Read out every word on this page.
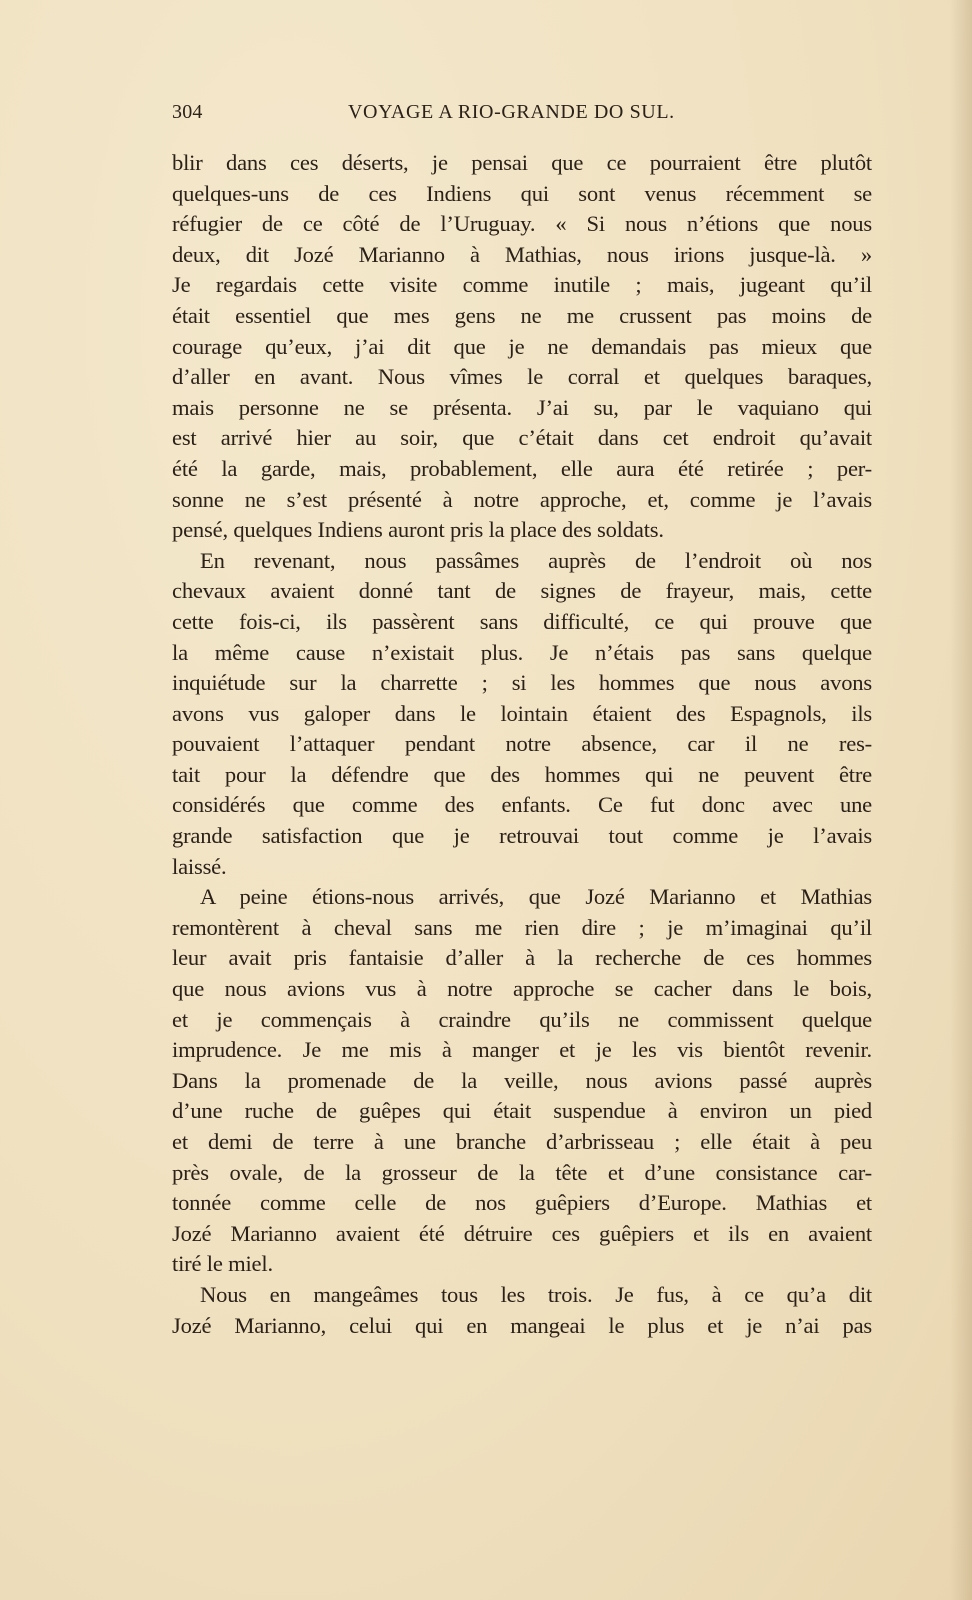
304	VOYAGE A RIO-GRANDE DO SUL.
blir dans ces déserts, je pensai que ce pourraient être plutôt
quelques-uns de ces Indiens qui sont venus récemment se
réfugier de ce côté de l’Uruguay. « Si nous n’étions que nous
deux, dit Jozé Marianno à Mathias, nous irions jusque-là. »
Je regardais cette visite comme inutile ; mais, jugeant qu’il
était essentiel que mes gens ne me crussent pas moins de
courage qu’eux, j’ai dit que je ne demandais pas mieux que
d’aller en avant. Nous vîmes le corral et quelques baraques,
mais personne ne se présenta. J’ai su, par le vaquiano qui
est arrivé hier au soir, que c’était dans cet endroit qu’avait
été la garde, mais, probablement, elle aura été retirée ; per-
sonne ne s’est présenté à notre approche, et, comme je l’avais
pensé, quelques Indiens auront pris la place des soldats.
En revenant, nous passâmes auprès de l’endroit où nos
chevaux avaient donné tant de signes de frayeur, mais, cette
cette fois-ci, ils passèrent sans difficulté, ce qui prouve que
la même cause n’existait plus. Je n’étais pas sans quelque
inquiétude sur la charrette ; si les hommes que nous avons
avons vus galoper dans le lointain étaient des Espagnols, ils
pouvaient l’attaquer pendant notre absence, car il ne res-
tait pour la défendre que des hommes qui ne peuvent être
considérés que comme des enfants. Ce fut donc avec une
grande satisfaction que je retrouvai tout comme je l’avais
laissé.
A peine étions-nous arrivés, que Jozé Marianno et Mathias
remontèrent à cheval sans me rien dire ; je m’imaginai qu’il
leur avait pris fantaisie d’aller à la recherche de ces hommes
que nous avions vus à notre approche se cacher dans le bois,
et je commençais à craindre qu’ils ne commissent quelque
imprudence. Je me mis à manger et je les vis bientôt revenir.
Dans la promenade de la veille, nous avions passé auprès
d’une ruche de guêpes qui était suspendue à environ un pied
et demi de terre à une branche d’arbrisseau ; elle était à peu
près ovale, de la grosseur de la tête et d’une consistance car-
tonnée comme celle de nos guêpiers d’Europe. Mathias et
Jozé Marianno avaient été détruire ces guêpiers et ils en avaient
tiré le miel.
Nous en mangeâmes tous les trois. Je fus, à ce qu’a dit
Jozé Marianno, celui qui en mangeai le plus et je n’ai pas
